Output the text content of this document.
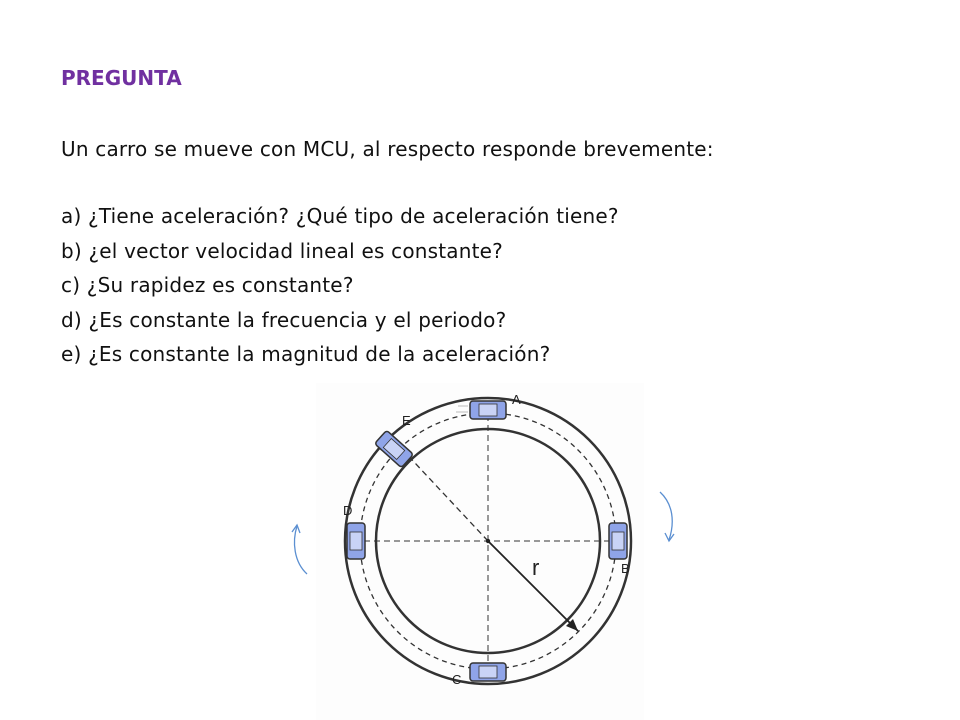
PREGUNTA
Un carro se mueve con MCU, al respecto responde brevemente:
a) ¿Tiene aceleración? ¿Qué tipo de aceleración tiene?
b) ¿el vector velocidad lineal es constante?
c) ¿Su rapidez es constante?
d) ¿Es constante la frecuencia y el periodo?
e) ¿Es constante la magnitud de la aceleración?
A
B
C
D
E
r
